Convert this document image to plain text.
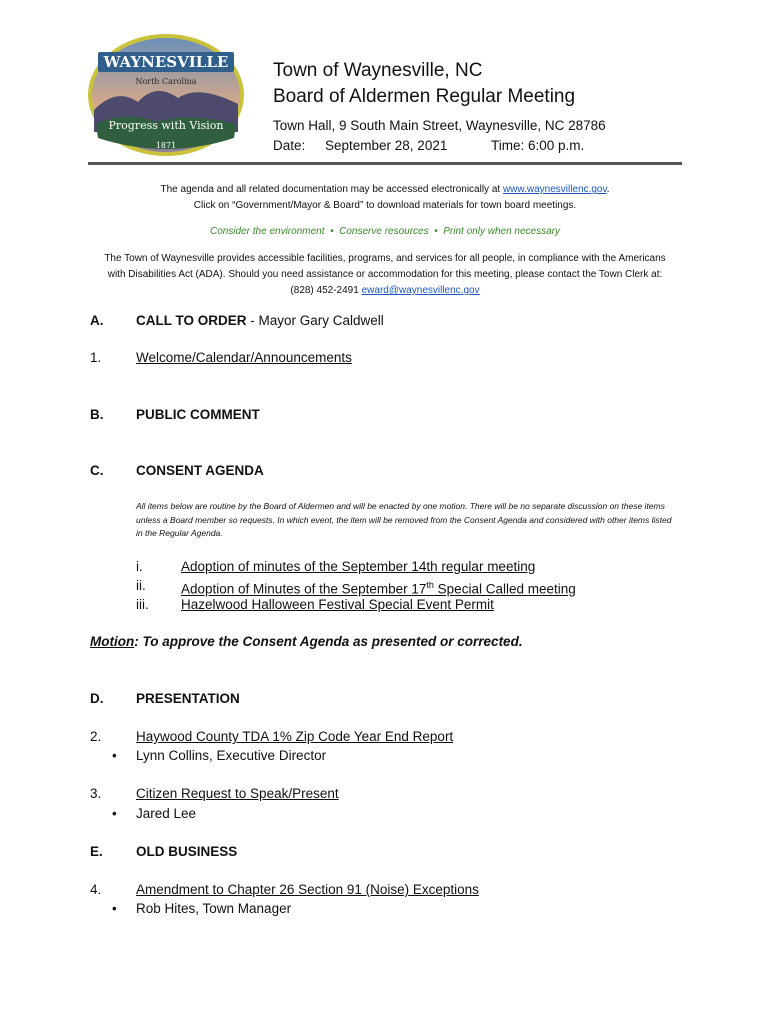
WAYNESVILLE
North Carolina
Progress with Vision
1871
Town of Waynesville, NC
Board of Aldermen Regular Meeting
Town Hall, 9 South Main Street, Waynesville, NC 28786
Date:	September 28, 2021	Time: 6:00 p.m.
The agenda and all related documentation may be accessed electronically at www.waynesvillenc.gov.
Click on “Government/Mayor & Board” to download materials for town board meetings.
Consider the environment • Conserve resources • Print only when necessary
The Town of Waynesville provides accessible facilities, programs, and services for all people, in compliance with the Americans
with Disabilities Act (ADA). Should you need assistance or accommodation for this meeting, please contact the Town Clerk at:
(828) 452-2491 eward@waynesvillenc.gov
A.	CALL TO ORDER - Mayor Gary Caldwell
1.	Welcome/Calendar/Announcements
B.	PUBLIC COMMENT
C.	CONSENT AGENDA
All items below are routine by the Board of Aldermen and will be enacted by one motion. There will be no separate discussion on these items unless a Board member so requests. In which event, the item will be removed from the Consent Agenda and considered with other items listed in the Regular Agenda.
i.	Adoption of minutes of the September 14th regular meeting
ii.	Adoption of Minutes of the September 17th Special Called meeting
iii.	Hazelwood Halloween Festival Special Event Permit
Motion: To approve the Consent Agenda as presented or corrected.
D.	PRESENTATION
2.	Haywood County TDA 1% Zip Code Year End Report
•	Lynn Collins, Executive Director
3.	Citizen Request to Speak/Present
•	Jared Lee
E.	OLD BUSINESS
4.	Amendment to Chapter 26 Section 91 (Noise) Exceptions
•	Rob Hites, Town Manager
